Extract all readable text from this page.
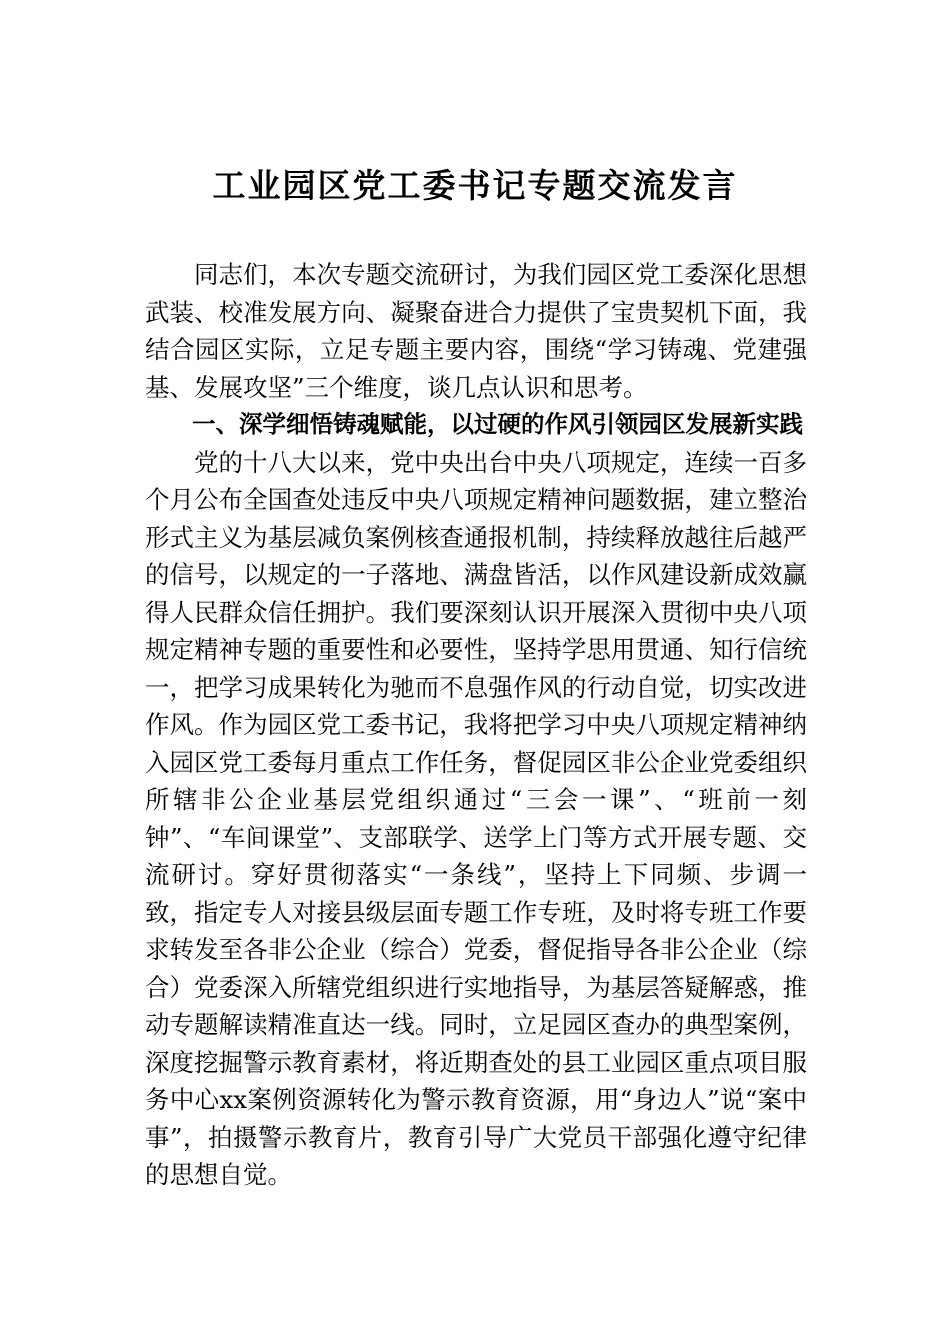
工业园区党工委书记专题交流发言

同志们，本次专题交流研讨，为我们园区党工委深化思想武装、校准发展方向、凝聚奋进合力提供了宝贵契机下面，我结合园区实际，立足专题主要内容，围绕“学习铸魂、党建强基、发展攻坚”三个维度，谈几点认识和思考。

一、深学细悟铸魂赋能，以过硬的作风引领园区发展新实践

党的十八大以来，党中央出台中央八项规定，连续一百多个月公布全国查处违反中央八项规定精神问题数据，建立整治形式主义为基层减负案例核查通报机制，持续释放越往后越严的信号，以规定的一子落地、满盘皆活，以作风建设新成效赢得人民群众信任拥护。我们要深刻认识开展深入贯彻中央八项规定精神专题的重要性和必要性，坚持学思用贯通、知行信统一，把学习成果转化为驰而不息强作风的行动自觉，切实改进作风。作为园区党工委书记，我将把学习中央八项规定精神纳入园区党工委每月重点工作任务，督促园区非公企业党委组织所辖非公企业基层党组织通过“三会一课”、“班前一刻钟”、“车间课堂”、支部联学、送学上门等方式开展专题、交流研讨。穿好贯彻落实“一条线”，坚持上下同频、步调一致，指定专人对接县级层面专题工作专班，及时将专班工作要求转发至各非公企业（综合）党委，督促指导各非公企业（综合）党委深入所辖党组织进行实地指导，为基层答疑解惑，推动专题解读精准直达一线。同时，立足园区查办的典型案例，深度挖掘警示教育素材，将近期查处的县工业园区重点项目服务中心xx案例资源转化为警示教育资源，用“身边人”说“案中事”，拍摄警示教育片，教育引导广大党员干部强化遵守纪律的思想自觉。
